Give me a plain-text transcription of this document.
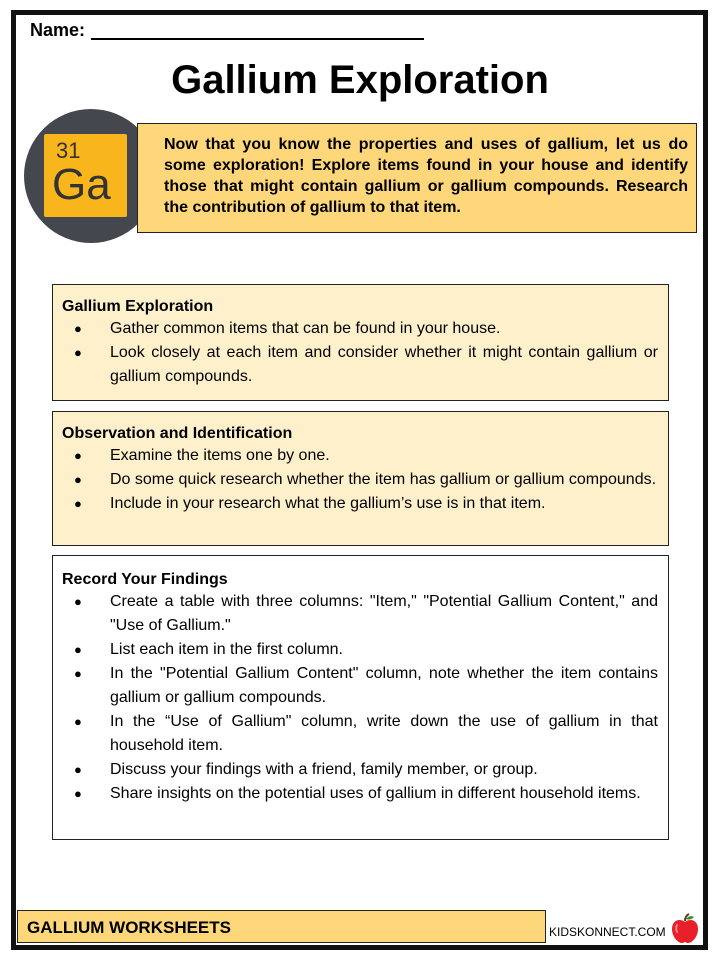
Name:
Gallium Exploration
31
Ga
Now that you know the properties and uses of gallium, let us do some exploration! Explore items found in your house and identify those that might contain gallium or gallium compounds. Research the contribution of gallium to that item.
Gallium Exploration
● Gather common items that can be found in your house.
● Look closely at each item and consider whether it might contain gallium or gallium compounds.
Observation and Identification
● Examine the items one by one.
● Do some quick research whether the item has gallium or gallium compounds.
● Include in your research what the gallium’s use is in that item.
Record Your Findings
● Create a table with three columns: "Item," "Potential Gallium Content," and "Use of Gallium."
● List each item in the first column.
● In the "Potential Gallium Content" column, note whether the item contains gallium or gallium compounds.
● In the “Use of Gallium" column, write down the use of gallium in that household item.
● Discuss your findings with a friend, family member, or group.
● Share insights on the potential uses of gallium in different household items.
GALLIUM WORKSHEETS	KIDSKONNECT.COM
